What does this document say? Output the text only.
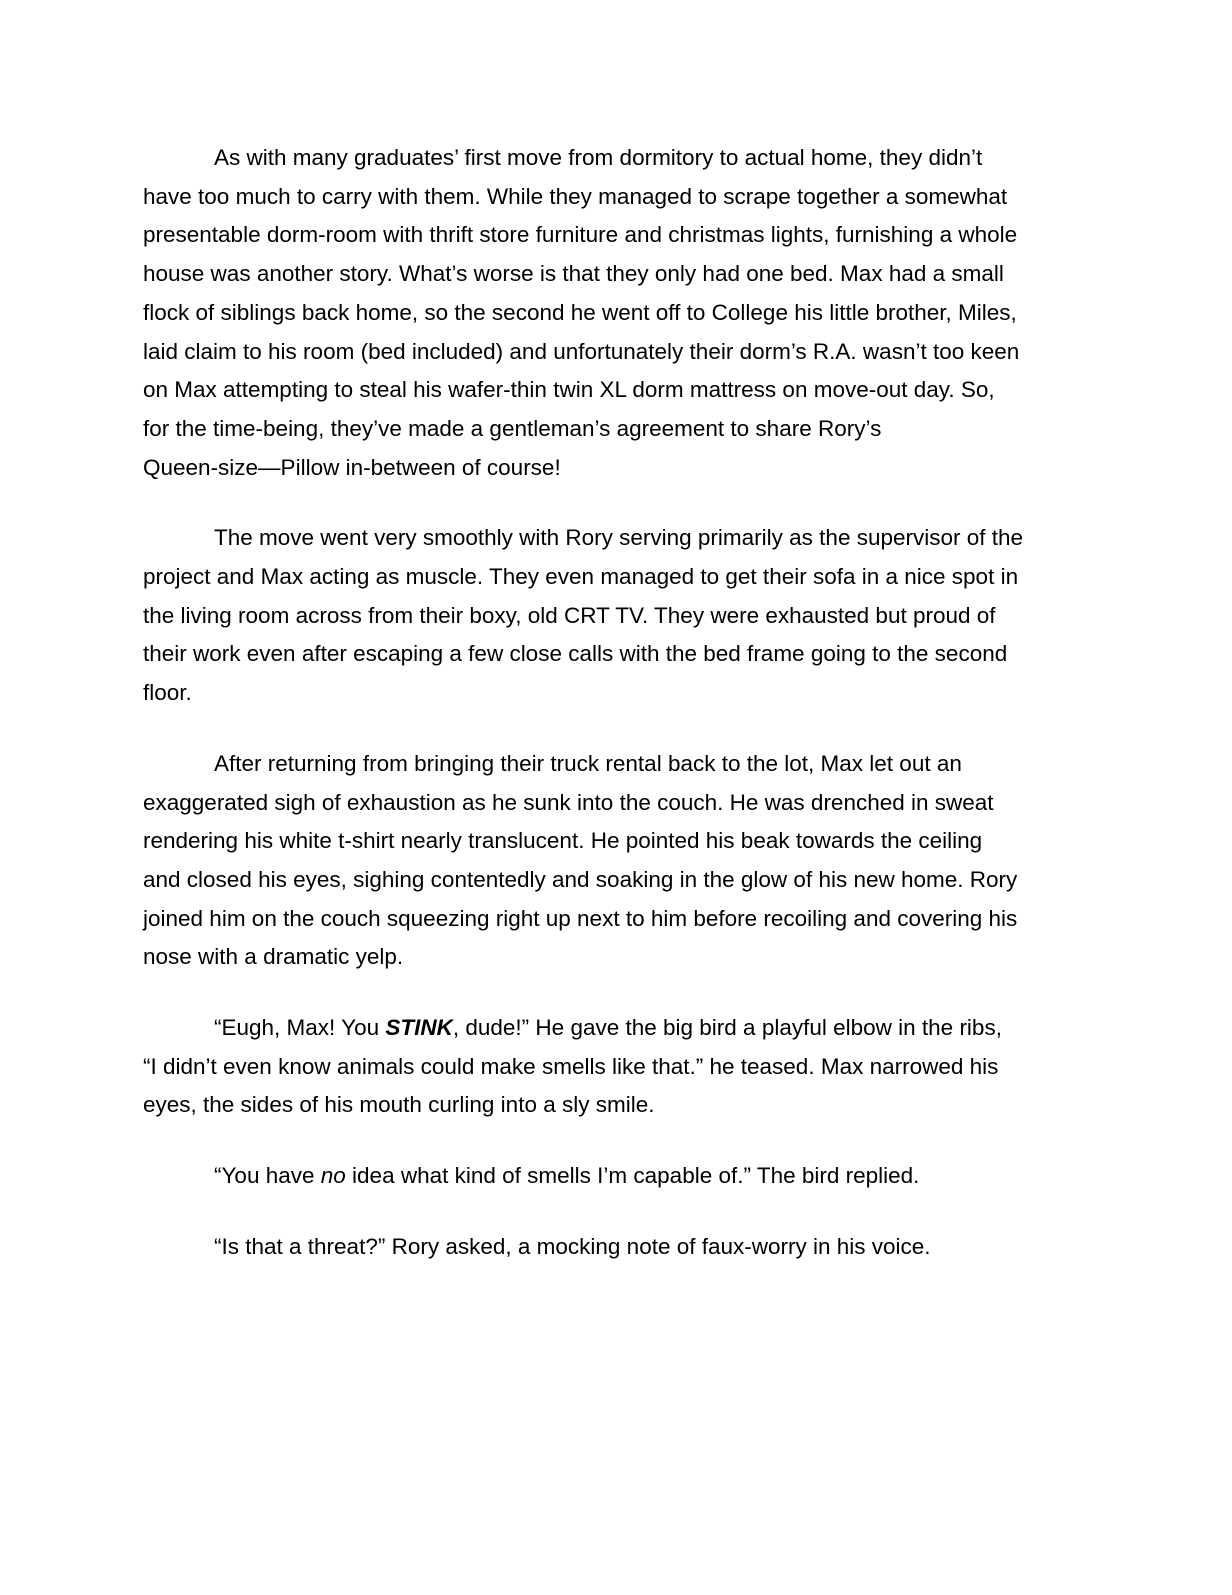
As with many graduates’ first move from dormitory to actual home, they didn’t
have too much to carry with them. While they managed to scrape together a somewhat
presentable dorm-room with thrift store furniture and christmas lights, furnishing a whole
house was another story. What’s worse is that they only had one bed. Max had a small
flock of siblings back home, so the second he went off to College his little brother, Miles,
laid claim to his room (bed included) and unfortunately their dorm’s R.A. wasn’t too keen
on Max attempting to steal his wafer-thin twin XL dorm mattress on move-out day. So,
for the time-being, they’ve made a gentleman’s agreement to share Rory’s
Queen-size—Pillow in-between of course!

The move went very smoothly with Rory serving primarily as the supervisor of the
project and Max acting as muscle. They even managed to get their sofa in a nice spot in
the living room across from their boxy, old CRT TV. They were exhausted but proud of
their work even after escaping a few close calls with the bed frame going to the second
floor.

After returning from bringing their truck rental back to the lot, Max let out an
exaggerated sigh of exhaustion as he sunk into the couch. He was drenched in sweat
rendering his white t-shirt nearly translucent. He pointed his beak towards the ceiling
and closed his eyes, sighing contentedly and soaking in the glow of his new home. Rory
joined him on the couch squeezing right up next to him before recoiling and covering his
nose with a dramatic yelp.

“Eugh, Max! You STINK, dude!” He gave the big bird a playful elbow in the ribs,
“I didn’t even know animals could make smells like that.” he teased. Max narrowed his
eyes, the sides of his mouth curling into a sly smile.

“You have no idea what kind of smells I’m capable of.” The bird replied.

“Is that a threat?” Rory asked, a mocking note of faux-worry in his voice.
